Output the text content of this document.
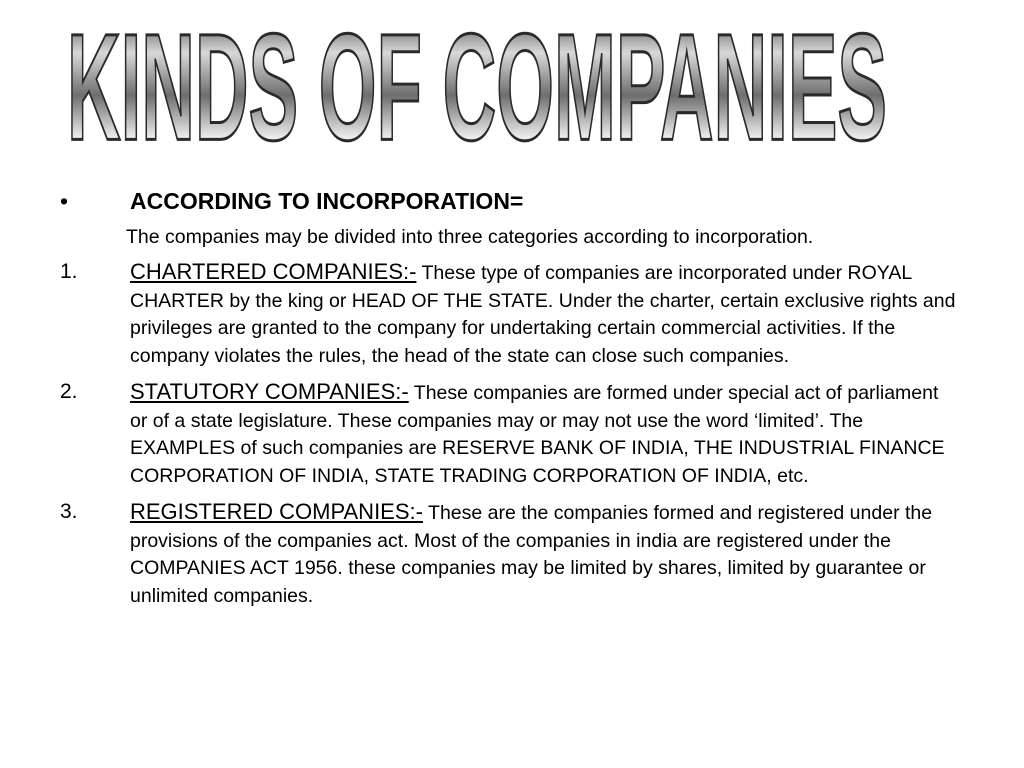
KINDS OF COMPANIES
•	ACCORDING TO INCORPORATION=
The companies may be divided into three categories according to incorporation.
1.	CHARTERED COMPANIES:- These type of companies are incorporated under ROYAL CHARTER by the king or HEAD OF THE STATE. Under the charter, certain exclusive rights and privileges are granted to the company for undertaking certain commercial activities. If the company violates the rules, the head of the state can close such companies.
2.	STATUTORY COMPANIES:- These companies are formed under special act of parliament or of a state legislature. These companies may or may not use the word ‘limited’. The EXAMPLES of such companies are RESERVE BANK OF INDIA, THE INDUSTRIAL FINANCE CORPORATION OF INDIA, STATE TRADING CORPORATION OF INDIA, etc.
3.	REGISTERED COMPANIES:- These are the companies formed and registered under the provisions of the companies act. Most of the companies in india are registered under the COMPANIES ACT 1956. these companies may be limited by shares, limited by guarantee or unlimited companies.
